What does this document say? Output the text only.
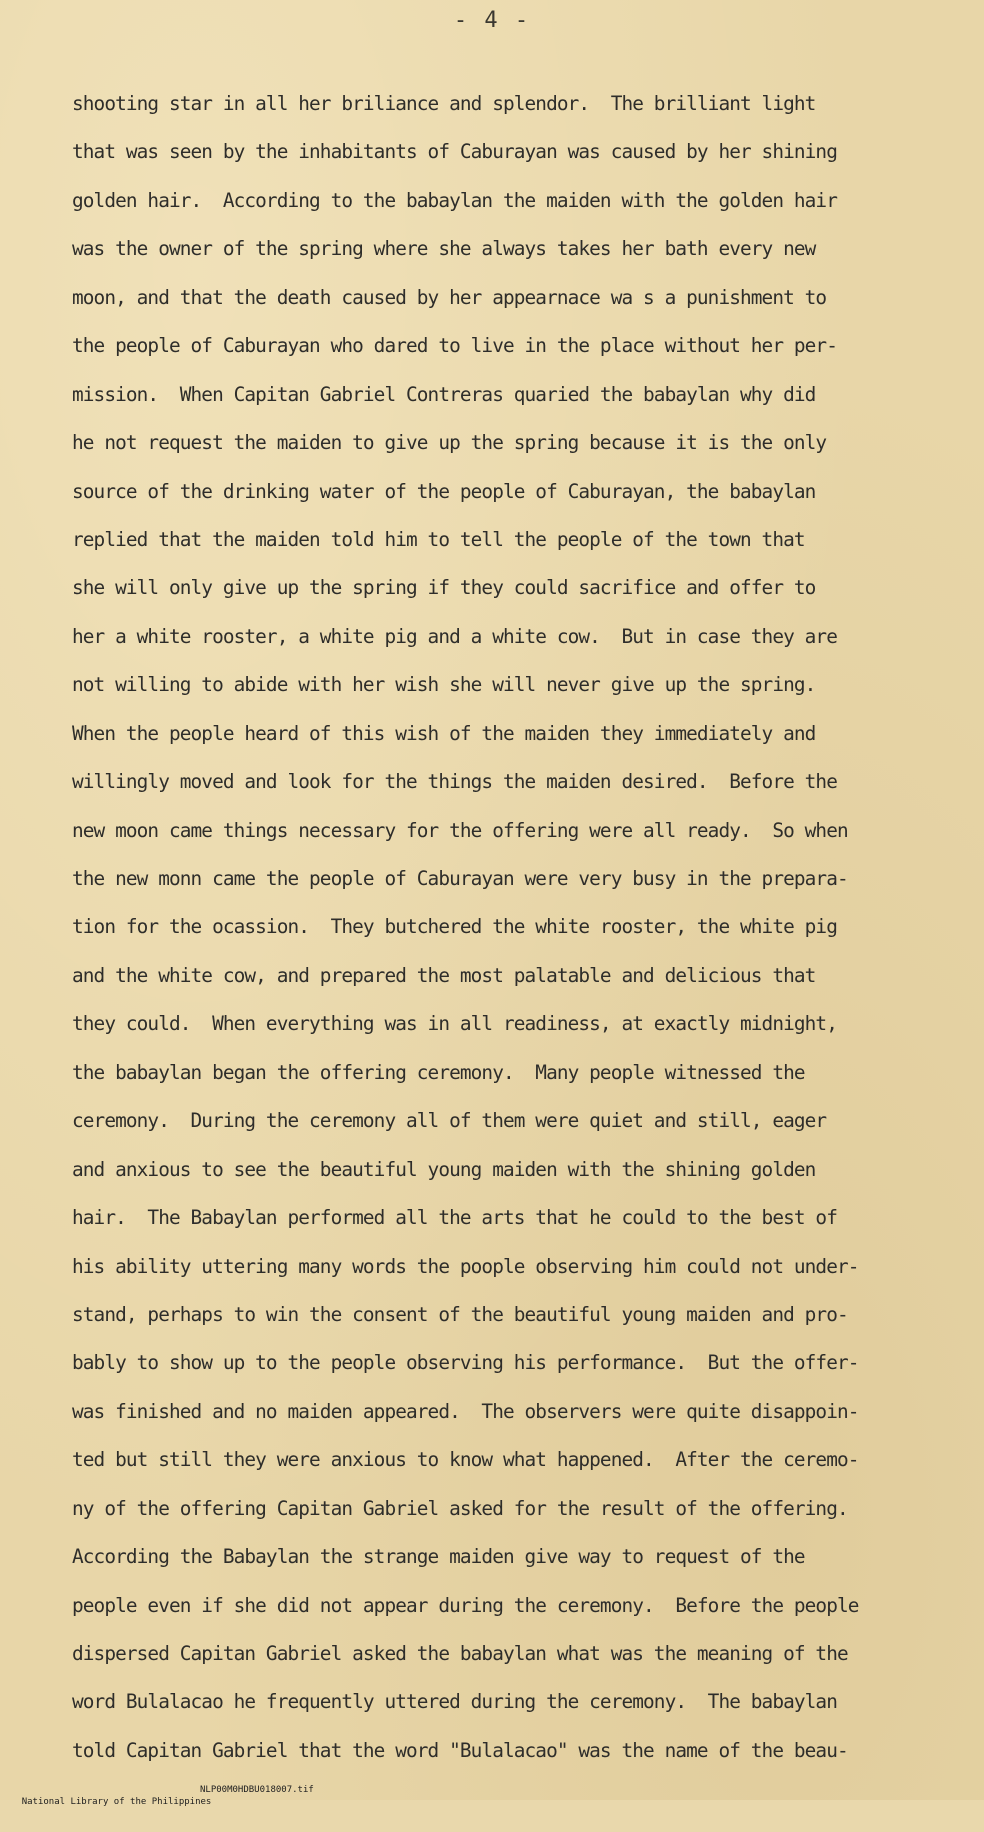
- 4 -
shooting star in all her briliance and splendor.  The brilliant light
that was seen by the inhabitants of Caburayan was caused by her shining
golden hair.  According to the babaylan the maiden with the golden hair
was the owner of the spring where she always takes her bath every new
moon, and that the death caused by her appearnace wa s a punishment to
the people of Caburayan who dared to live in the place without her per-
mission.  When Capitan Gabriel Contreras quaried the babaylan why did
he not request the maiden to give up the spring because it is the only
source of the drinking water of the people of Caburayan, the babaylan
replied that the maiden told him to tell the people of the town that
she will only give up the spring if they could sacrifice and offer to
her a white rooster, a white pig and a white cow.  But in case they are
not willing to abide with her wish she will never give up the spring.
When the people heard of this wish of the maiden they immediately and
willingly moved and look for the things the maiden desired.  Before the
new moon came things necessary for the offering were all ready.  So when
the new monn came the people of Caburayan were very busy in the prepara-
tion for the ocassion.  They butchered the white rooster, the white pig
and the white cow, and prepared the most palatable and delicious that
they could.  When everything was in all readiness, at exactly midnight,
the babaylan began the offering ceremony.  Many people witnessed the
ceremony.  During the ceremony all of them were quiet and still, eager
and anxious to see the beautiful young maiden with the shining golden
hair.  The Babaylan performed all the arts that he could to the best of
his ability uttering many words the poople observing him could not under-
stand, perhaps to win the consent of the beautiful young maiden and pro-
bably to show up to the people observing his performance.  But the offer-
was finished and no maiden appeared.  The observers were quite disappoin-
ted but still they were anxious to know what happened.  After the ceremo-
ny of the offering Capitan Gabriel asked for the result of the offering.
According the Babaylan the strange maiden give way to request of the
people even if she did not appear during the ceremony.  Before the people
dispersed Capitan Gabriel asked the babaylan what was the meaning of the
word Bulalacao he frequently uttered during the ceremony.  The babaylan
told Capitan Gabriel that the word "Bulalacao" was the name of the beau-

National Library of the Philippines

NLP00M0HDBU018007.tif
